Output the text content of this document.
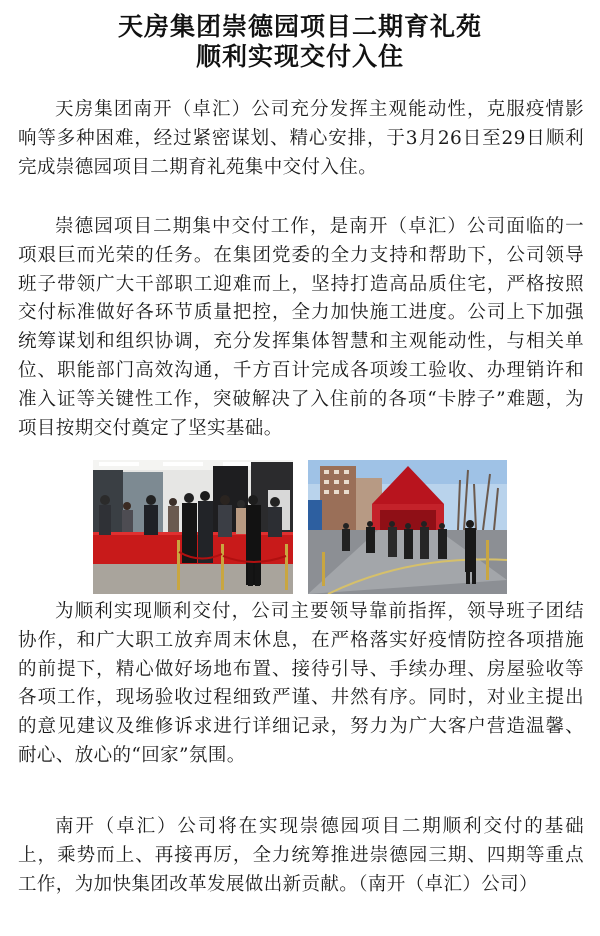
天房集团崇德园项目二期育礼苑
顺利实现交付入住

天房集团南开（卓汇）公司充分发挥主观能动性，克服疫情影响等多种困难，经过紧密谋划、精心安排，于3月26日至29日顺利完成崇德园项目二期育礼苑集中交付入住。

崇德园项目二期集中交付工作，是南开（卓汇）公司面临的一项艰巨而光荣的任务。在集团党委的全力支持和帮助下，公司领导班子带领广大干部职工迎难而上，坚持打造高品质住宅，严格按照交付标准做好各环节质量把控，全力加快施工进度。公司上下加强统筹谋划和组织协调，充分发挥集体智慧和主观能动性，与相关单位、职能部门高效沟通，千方百计完成各项竣工验收、办理销许和准入证等关键性工作，突破解决了入住前的各项“卡脖子”难题，为项目按期交付奠定了坚实基础。

为顺利实现顺利交付，公司主要领导靠前指挥，领导班子团结协作，和广大职工放弃周末休息，在严格落实好疫情防控各项措施的前提下，精心做好场地布置、接待引导、手续办理、房屋验收等各项工作，现场验收过程细致严谨、井然有序。同时，对业主提出的意见建议及维修诉求进行详细记录，努力为广大客户营造温馨、耐心、放心的“回家”氛围。

南开（卓汇）公司将在实现崇德园项目二期顺利交付的基础上，乘势而上、再接再厉，全力统筹推进崇德园三期、四期等重点工作，为加快集团改革发展做出新贡献。（南开（卓汇）公司）
